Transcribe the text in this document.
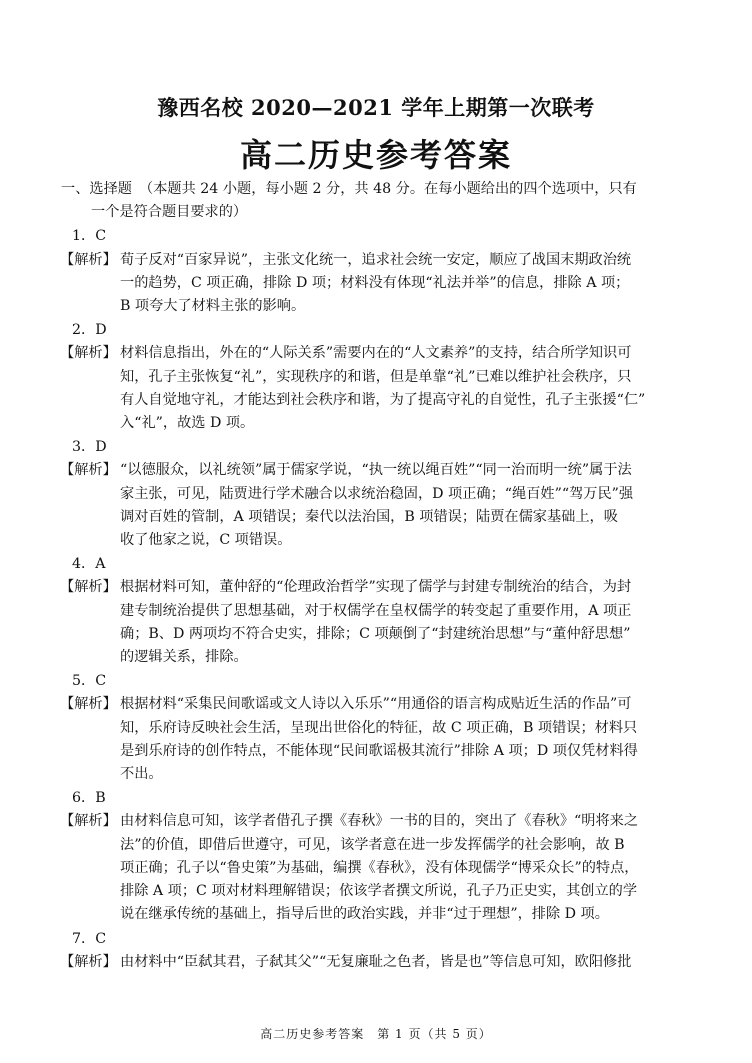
豫西名校 2020—2021 学年上期第一次联考
高二历史参考答案
一、选择题　（本题共 24 小题，每小题 2 分，共 48 分。在每小题给出的四个选项中，只有
一个是符合题目要求的）
1．C
【解析】 荀子反对“百家异说”，主张文化统一，追求社会统一安定，顺应了战国末期政治统
一的趋势，C 项正确，排除 D 项；材料没有体现“礼法并举”的信息，排除 A 项；
B 项夸大了材料主张的影响。
2．D
【解析】 材料信息指出，外在的“人际关系”需要内在的“人文素养”的支持，结合所学知识可
知，孔子主张恢复“礼”，实现秩序的和谐，但是单靠“礼”已难以维护社会秩序，只
有人自觉地守礼，才能达到社会秩序和谐，为了提高守礼的自觉性，孔子主张援“仁”
入“礼”，故选 D 项。
3．D
【解析】 “以德服众，以礼统领”属于儒家学说，“执一统以绳百姓”“同一治而明一统”属于法
家主张，可见，陆贾进行学术融合以求统治稳固，D 项正确；“绳百姓”“驾万民”强
调对百姓的管制，A 项错误；秦代以法治国，B 项错误；陆贾在儒家基础上，吸
收了他家之说，C 项错误。
4．A
【解析】 根据材料可知，董仲舒的“伦理政治哲学”实现了儒学与封建专制统治的结合，为封
建专制统治提供了思想基础，对于权儒学在皇权儒学的转变起了重要作用，A 项正
确；B、D 两项均不符合史实，排除；C 项颠倒了“封建统治思想”与“董仲舒思想”
的逻辑关系，排除。
5．C
【解析】 根据材料“采集民间歌谣或文人诗以入乐乐”“用通俗的语言构成贴近生活的作品”可
知，乐府诗反映社会生活，呈现出世俗化的特征，故 C 项正确，B 项错误；材料只
是到乐府诗的创作特点，不能体现“民间歌谣极其流行”排除 A 项；D 项仅凭材料得
不出。
6．B
【解析】 由材料信息可知，该学者借孔子撰《春秋》一书的目的，突出了《春秋》“明将来之
法”的价值，即借后世遵守，可见，该学者意在进一步发挥儒学的社会影响，故 B
项正确；孔子以“鲁史策”为基础，编撰《春秋》，没有体现儒学“博采众长”的特点，
排除 A 项；C 项对材料理解错误；依该学者撰文所说，孔子乃正史实，其创立的学
说在继承传统的基础上，指导后世的政治实践，并非“过于理想”，排除 D 项。
7．C
【解析】 由材料中“臣弑其君，子弑其父”“无复廉耻之色者，皆是也”等信息可知，欧阳修批
高二历史参考答案　第 1 页（共 5 页）
